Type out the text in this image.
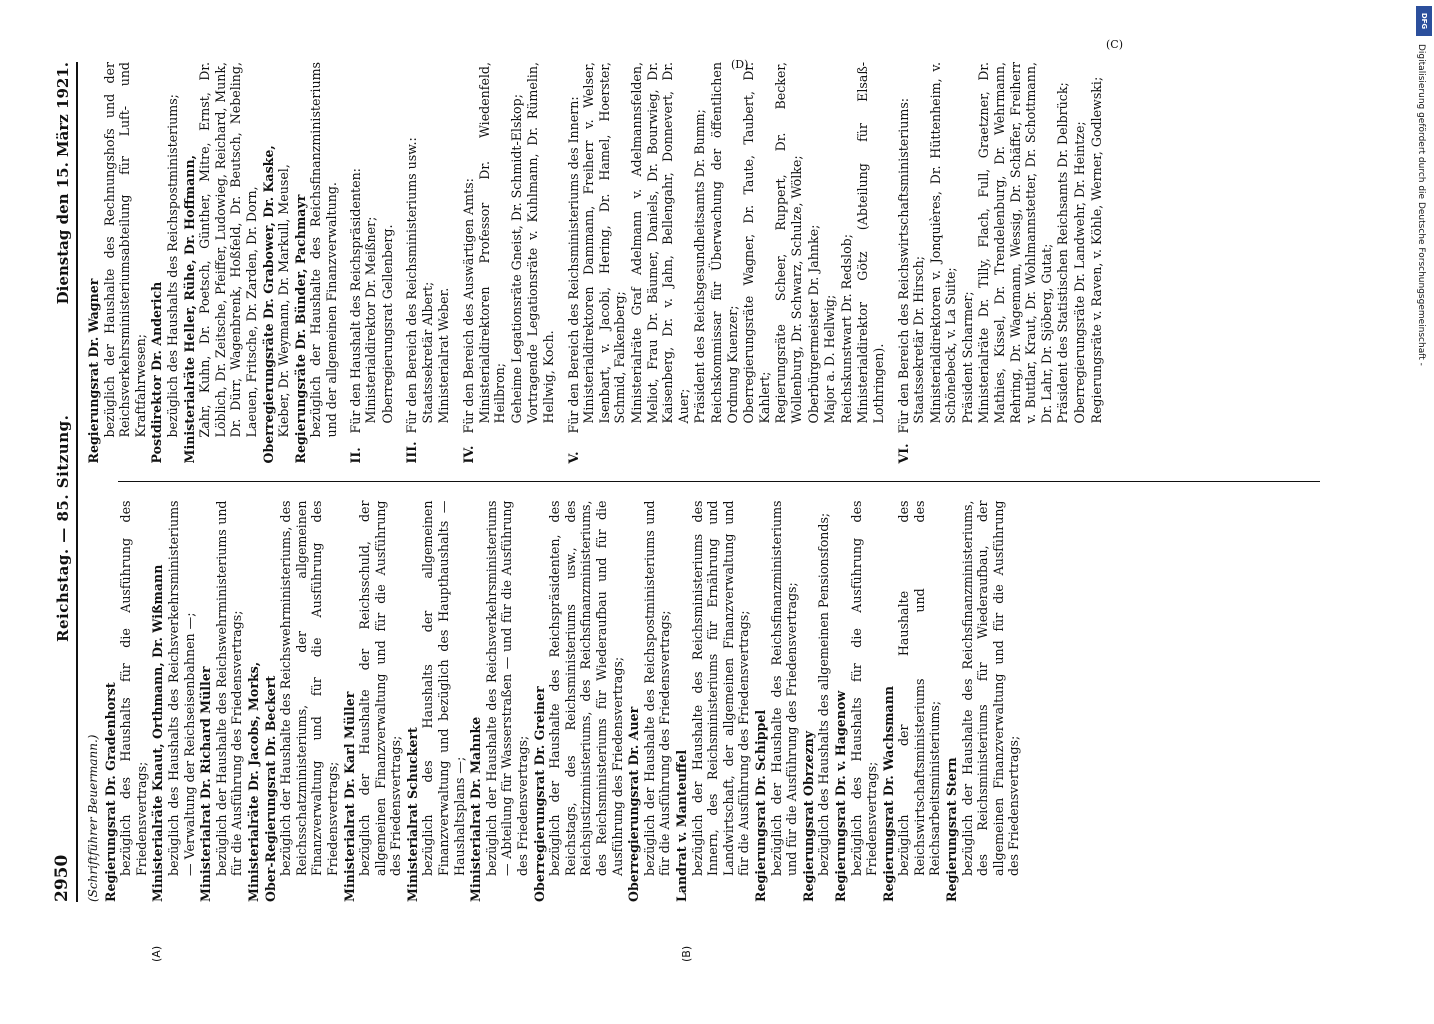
2950
Reichstag. — 85. Sitzung.
Dienstag den 15. März 1921.
(A)	(B)
(Schriftführer Beuermann.) Regierungsrat Dr. Gradenhorst bezüglich des Haushalts für die Ausführung des Friedensvertrags; Ministerialräte Knaut, Orthmann, Dr. Wißmann bezüglich des Haushalts des Reichsverkehrsministeriums — Verwaltung der Reichseisenbahnen —; Ministerialrat Dr. Richard Müller bezüglich der Haushalte des Reichswehrministeriums und für die Ausführung des Friedensvertrags; Ministerialräte Dr. Jacobs, Morks, Ober-Regierungsrat Dr. Beckert bezüglich der Haushalte des Reichswehrministeriums, des Reichsschatzministeriums, der allgemeinen Finanzverwaltung und für die Ausführung des Friedensvertrags; Ministerialrat Dr. Karl Müller bezüglich der Haushalte der Reichsschuld, der allgemeinen Finanzverwaltung und für die Ausführung des Friedensvertrags; Ministerialrat Schuckert bezüglich des Haushalts der allgemeinen Finanzverwaltung und bezüglich des Haupthaushalts — Haushaltsplans —; Ministerialrat Dr. Mahnke bezüglich der Haushalte des Reichsverkehrsministeriums — Abteilung für Wasserstraßen — und für die Ausführung des Friedensvertrags; Oberregierungsrat Dr. Greiner bezüglich der Haushalte des Reichspräsidenten, des Reichstags, des Reichsministeriums usw., des Reichsjustizministeriums, des Reichsfinanzministeriums, des Reichsministeriums für Wiederaufbau und für die Ausführung des Friedensvertrags; Oberregierungsrat Dr. Auer bezüglich der Haushalte des Reichspostministeriums und für die Ausführung des Friedensvertrags; Landrat v. Manteuffel bezüglich der Haushalte des Reichsministeriums des Innern, des Reichsministeriums für Ernährung und Landwirtschaft, der allgemeinen Finanzverwaltung und für die Ausführung des Friedensvertrags; Regierungsrat Dr. Schippel bezüglich der Haushalte des Reichsfinanzministeriums und für die Ausführung des Friedensvertrags; Regierungsrat Obrzezny bezüglich des Haushalts des allgemeinen Pensionsfonds; Regierungsrat Dr. v. Hagenow bezüglich des Haushalts für die Ausführung des Friedensvertrags; Regierungsrat Dr. Wachsmann bezüglich der Haushalte des Reichswirtschaftsministeriums und des Reichsarbeitsministeriums; Regierungsrat Stern bezüglich der Haushalte des Reichsfinanzministeriums, des Reichsministeriums für Wiederaufbau, der allgemeinen Finanzverwaltung und für die Ausführung des Friedensvertrags;
Regierungsrat Dr. Wagner bezüglich der Haushalte des Rechnungshofs und der Reichsverkehrsministeriumsabteilung für Luft- und Kraftfahrwesen; Postdirektor Dr. Anderich bezüglich des Haushalts des Reichspostministeriums; Ministerialräte Heller, Rühe, Dr. Hoffmann, Zahr, Kuhn, Dr. Poetsch, Günther, Mitre, Ernst, Dr. Löblich, Dr. Zeitsche, Pfeiffer, Ludowieg, Reichard, Munk, Dr. Dürr, Wagenbrenk, Hoßfeld, Dr. Beutsch, Nebeling, Laeuen, Fritsche, Dr. Zarden, Dr. Dorn, Oberregierungsräte Dr. Grabower, Dr. Kaske, Kieber, Dr. Weymann, Dr. Markull, Meusel, Regierungsräte Dr. Bünder, Pachmayr bezüglich der Haushalte des Reichsfinanzministeriums und der allgemeinen Finanzverwaltung.
II.
Für den Haushalt des Reichspräsidenten: Ministerialdirektor Dr. Meißner; Oberregierungsrat Gellenberg.
III.
Für den Bereich des Reichsministeriums usw.: Staatssekretär Albert; Ministerialrat Weber.
IV.
Für den Bereich des Auswärtigen Amts: Ministerialdirektoren Professor Dr. Wiedenfeld, Heilbron; Geheime Legationsräte Gneist, Dr. Schmidt-Elskop; Vortragende Legationsräte v. Kuhlmann, Dr. Rümelin, Hellwig, Koch.
V.
Für den Bereich des Reichsministeriums des Innern: Ministerialdirektoren Dammann, Freiherr v. Welser, Isenbart, v. Jacobi, Hering, Dr. Hamel, Hoerster, Schmid, Falkenberg; Ministerialräte Graf Adelmann v. Adelmannsfelden, Meliot, Frau Dr. Bäumer, Daniels, Dr. Bourwieg, Dr. Kaisenberg, Dr. v. Jahn, Bellengahr, Donnevert, Dr. Auer; Präsident des Reichsgesundheitsamts Dr. Bumm; Reichskommissar für Überwachung der öffentlichen Ordnung Kuenzer; Oberregierungsräte Wagner, Dr. Taute, Taubert, Dr. Kahlert; Regierungsräte Scheer, Ruppert, Dr. Becker, Wollenburg, Dr. Schwarz, Schulze, Wölke; Oberbürgermeister Dr. Jahnke; Major a. D. Hellwig; Reichskunstwart Dr. Redslob; Ministerialdirektor Götz (Abteilung für Elsaß-Lothringen).
VI.
Für den Bereich des Reichswirtschaftsministeriums: Staatssekretär Dr. Hirsch; Ministerialdirektoren v. Jonquières, Dr. Hüttenheim, v. Schönebeck, v. La Suite; Präsident Scharmer; Ministerialräte Dr. Tilly, Flach, Full, Graetzner, Dr. Mathies, Kissel, Dr. Trendelenburg, Dr. Wehrmann, Rehring, Dr. Wagemann, Wessig, Dr. Schäffer, Freiherr v. Buttlar, Kraut, Dr. Wohlmannstetter, Dr. Schottmann, Dr. Lahr, Dr. Sjöberg, Gutat; Präsident des Statistischen Reichsamts Dr. Delbrück; Oberregierungsräte Dr. Landwehr, Dr. Heintze; Regierungsräte v. Raven, v. Köhle, Werner, Godlewski;
(C)
(D)
DFG
Digitalisierung gefördert durch die Deutsche Forschungsgemeinschaft -
